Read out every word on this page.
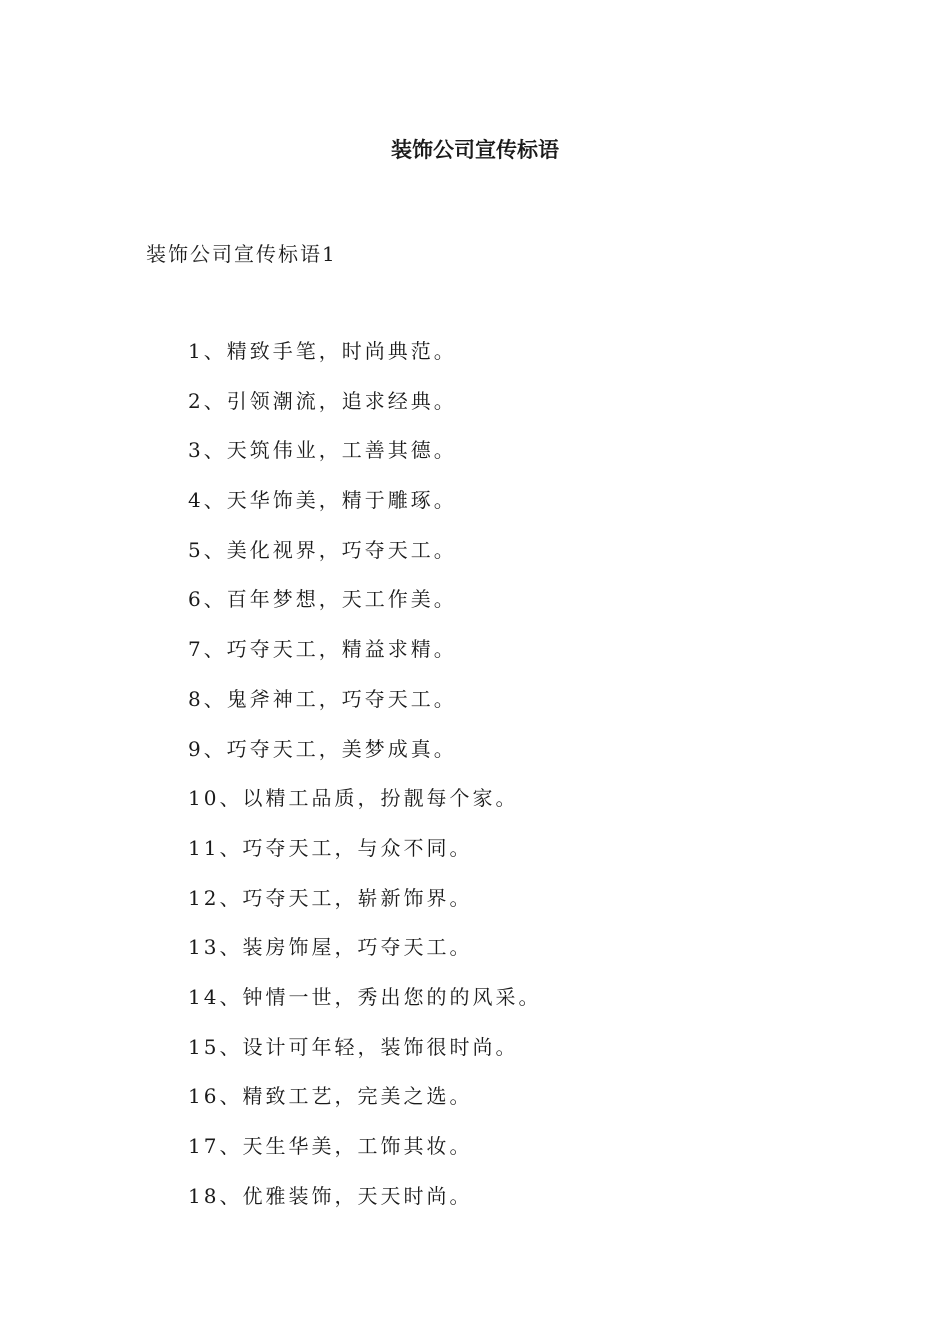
装饰公司宣传标语
装饰公司宣传标语1
1、精致手笔，时尚典范。
2、引领潮流，追求经典。
3、天筑伟业，工善其德。
4、天华饰美，精于雕琢。
5、美化视界，巧夺天工。
6、百年梦想，天工作美。
7、巧夺天工，精益求精。
8、鬼斧神工，巧夺天工。
9、巧夺天工，美梦成真。
10、以精工品质，扮靓每个家。
11、巧夺天工，与众不同。
12、巧夺天工，崭新饰界。
13、装房饰屋，巧夺天工。
14、钟情一世，秀出您的的风采。
15、设计可年轻，装饰很时尚。
16、精致工艺，完美之选。
17、天生华美，工饰其妆。
18、优雅装饰，天天时尚。
